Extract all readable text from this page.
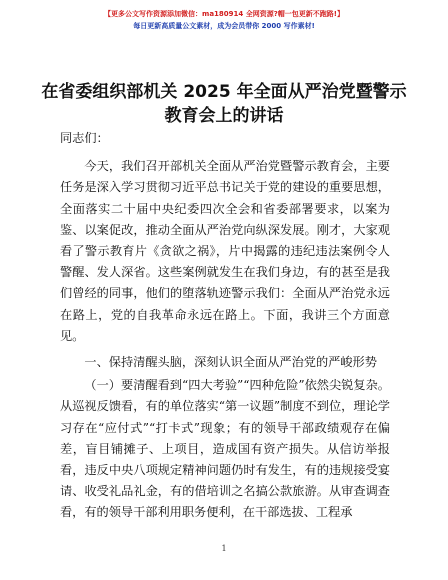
【更多公文写作资源添加微信：ma180914 全网资源?帽一包更新不跑路!】
每日更新高质量公文素材，成为会员带你 2000 写作素材!
在省委组织部机关 2025 年全面从严治党暨警示
教育会上的讲话

同志们：

今天，我们召开部机关全面从严治党暨警示教育会，主要任务是深入学习贯彻习近平总书记关于党的建设的重要思想，全面落实二十届中央纪委四次全会和省委部署要求，以案为鉴、以案促改，推动全面从严治党向纵深发展。刚才，大家观看了警示教育片《贪欲之祸》，片中揭露的违纪违法案例令人警醒、发人深省。这些案例就发生在我们身边，有的甚至是我们曾经的同事，他们的堕落轨迹警示我们：全面从严治党永远在路上，党的自我革命永远在路上。下面，我讲三个方面意见。

一、保持清醒头脑，深刻认识全面从严治党的严峻形势

（一）要清醒看到“四大考验”“四种危险”依然尖锐复杂。从巡视反馈看，有的单位落实“第一议题”制度不到位，理论学习存在“应付式”“打卡式”现象；有的领导干部政绩观存在偏差，盲目铺摊子、上项目，造成国有资产损失。从信访举报看，违反中央八项规定精神问题仍时有发生，有的违规接受宴请、收受礼品礼金，有的借培训之名搞公款旅游。从审查调查看，有的领导干部利用职务便利，在干部选拔、工程承

1
